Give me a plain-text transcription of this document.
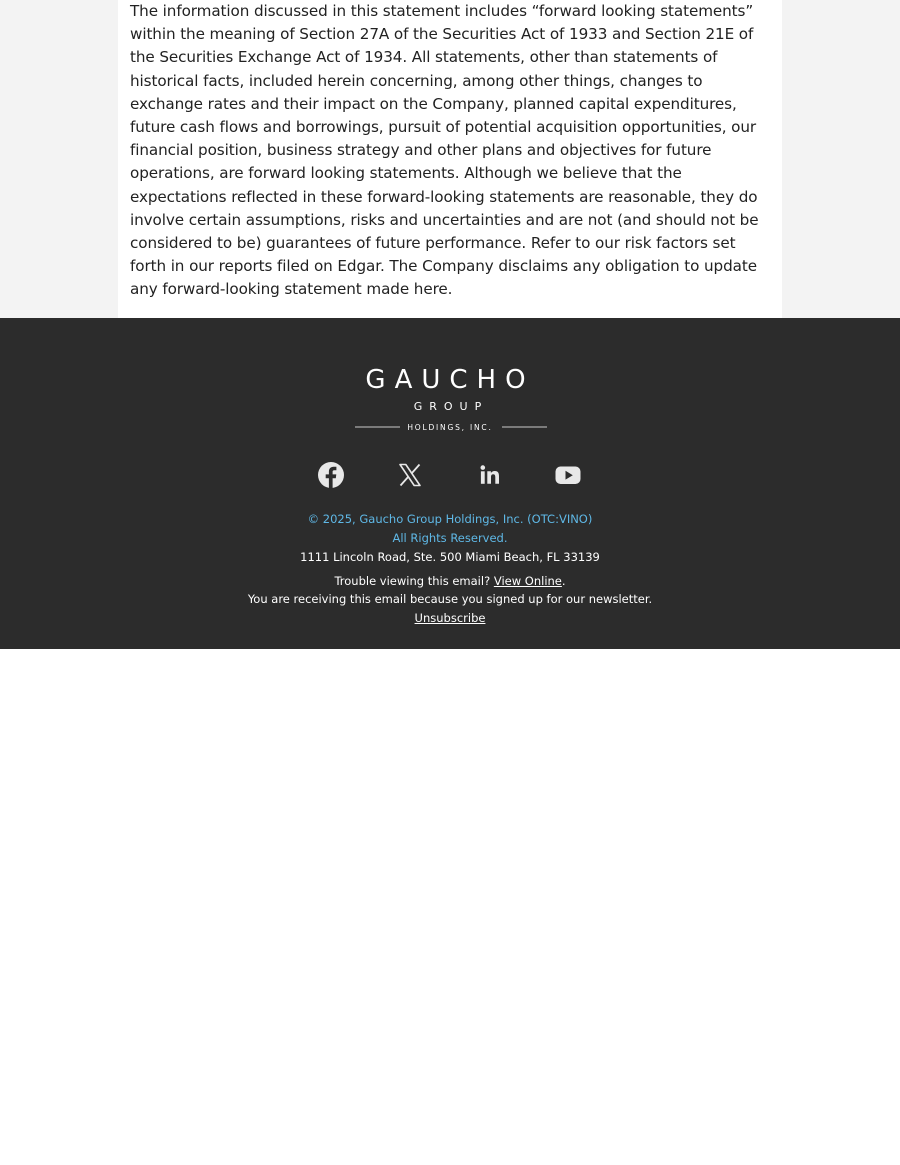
The information discussed in this statement includes “forward looking statements” within the meaning of Section 27A of the Securities Act of 1933 and Section 21E of the Securities Exchange Act of 1934. All statements, other than statements of historical facts, included herein concerning, among other things, changes to exchange rates and their impact on the Company, planned capital expenditures, future cash flows and borrowings, pursuit of potential acquisition opportunities, our financial position, business strategy and other plans and objectives for future operations, are forward looking statements. Although we believe that the expectations reflected in these forward-looking statements are reasonable, they do involve certain assumptions, risks and uncertainties and are not (and should not be considered to be) guarantees of future performance. Refer to our risk factors set forth in our reports filed on Edgar. The Company disclaims any obligation to update any forward-looking statement made here.

GAUCHO
GROUP
HOLDINGS, INC.

© 2025, Gaucho Group Holdings, Inc. (OTC:VINO)

All Rights Reserved.

1111 Lincoln Road, Ste. 500 Miami Beach, FL 33139

Trouble viewing this email? View Online.

You are receiving this email because you signed up for our newsletter.

Unsubscribe
